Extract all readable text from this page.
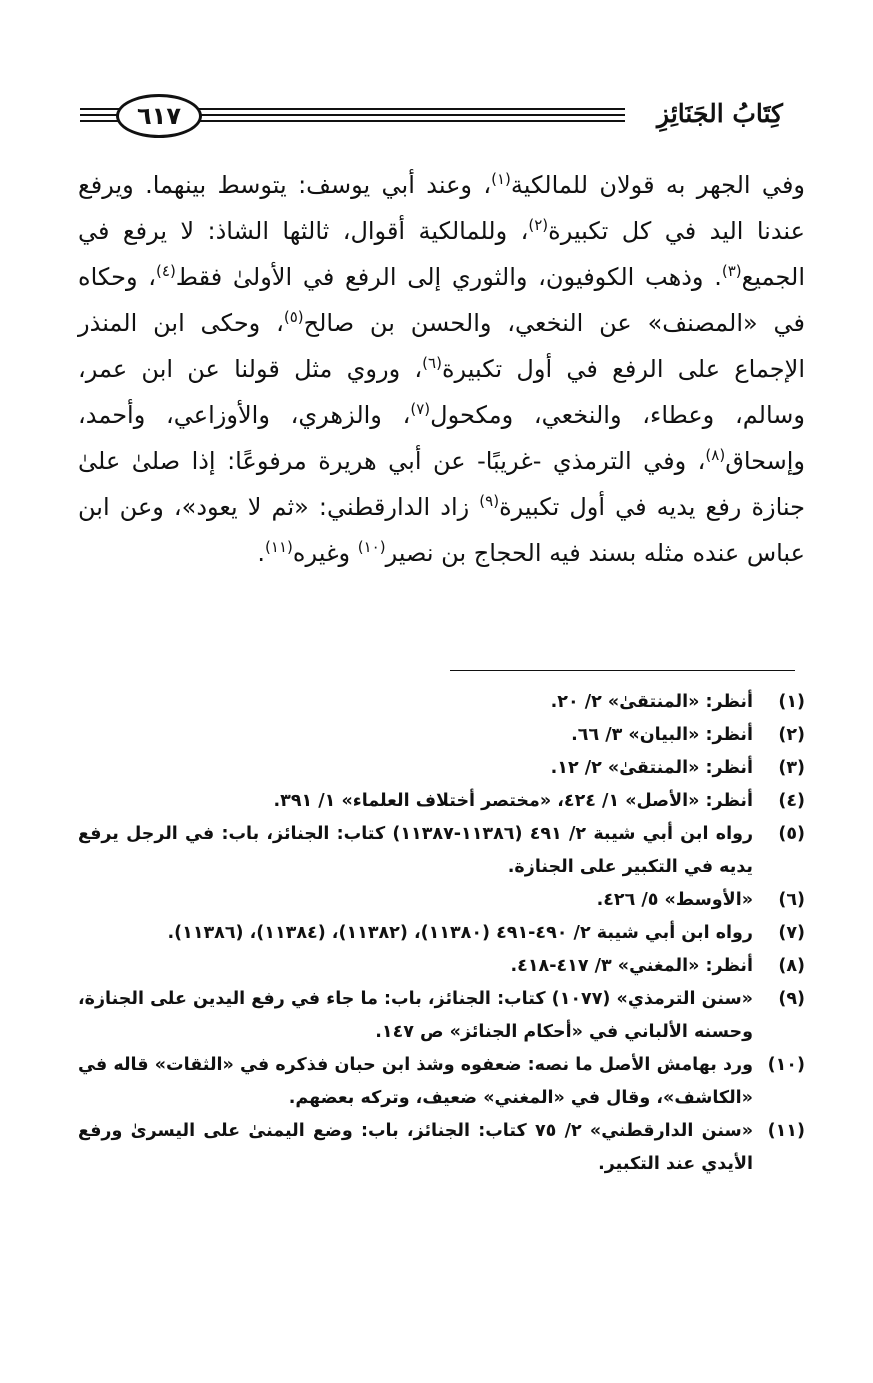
٦١٧	كِتَابُ الجَنَائِزِ

وفي الجهر به قولان للمالكية$^{(١)}$، وعند أبي يوسف: يتوسط بينهما. ويرفع عندنا اليد في كل تكبيرة$^{(٢)}$، وللمالكية أقوال، ثالثها الشاذ: لا يرفع في الجميع$^{(٣)}$. وذهب الكوفيون، والثوري إلى الرفع في الأولىٰ فقط$^{(٤)}$، وحكاه في «المصنف» عن النخعي، والحسن بن صالح$^{(٥)}$، وحكى ابن المنذر الإجماع على الرفع في أول تكبيرة$^{(٦)}$، وروي مثل قولنا عن ابن عمر، وسالم، وعطاء، والنخعي، ومكحول$^{(٧)}$، والزهري، والأوزاعي، وأحمد، وإسحاق$^{(٨)}$، وفي الترمذي -غريبًا- عن أبي هريرة مرفوعًا: إذا صلىٰ علىٰ جنازة رفع يديه في أول تكبيرة$^{(٩)}$ زاد الدارقطني: «ثم لا يعود»، وعن ابن عباس عنده مثله بسند فيه الحجاج بن نصير$^{(١٠)}$ وغيره$^{(١١)}$.

(١)
أنظر: «المنتقىٰ» ٢/ ٢٠.
(٢)
أنظر: «البيان» ٣/ ٦٦.
(٣)
أنظر: «المنتقىٰ» ٢/ ١٢.
(٤)
أنظر: «الأصل» ١/ ٤٢٤، «مختصر أختلاف العلماء» ١/ ٣٩١.
(٥)
رواه ابن أبي شيبة ٢/ ٤٩١ (١١٣٨٦-١١٣٨٧) كتاب: الجنائز، باب: في الرجل يرفع يديه في التكبير على الجنازة.
(٦)
«الأوسط» ٥/ ٤٢٦.
(٧)
رواه ابن أبي شيبة ٢/ ٤٩٠-٤٩١ (١١٣٨٠)، (١١٣٨٢)، (١١٣٨٤)، (١١٣٨٦).
(٨)
أنظر: «المغني» ٣/ ٤١٧-٤١٨.
(٩)
«سنن الترمذي» (١٠٧٧) كتاب: الجنائز، باب: ما جاء في رفع اليدين على الجنازة، وحسنه الألباني في «أحكام الجنائز» ص ١٤٧.
(١٠)
ورد بهامش الأصل ما نصه: ضعفوه وشذ ابن حبان فذكره في «الثقات» قاله في «الكاشف»، وقال في «المغني» ضعيف، وتركه بعضهم.
(١١)
«سنن الدارقطني» ٢/ ٧٥ كتاب: الجنائز، باب: وضع اليمنىٰ على اليسرىٰ ورفع الأيدي عند التكبير.
